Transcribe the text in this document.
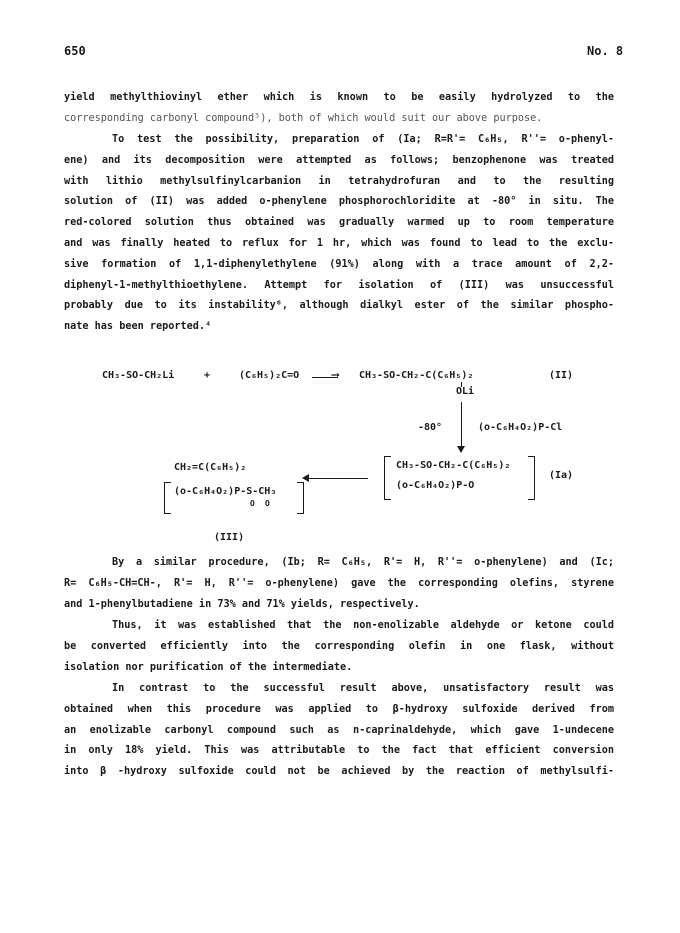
650	No. 8
yield methylthiovinyl ether which is known to be easily hydrolyzed to the
corresponding carbonyl compound⁵), both of which would suit our above purpose.
To test the possibility, preparation of (Ia; R=R'= C₆H₅, R''= o-phenyl-
ene) and its decomposition were attempted as follows; benzophenone was treated
with lithio methylsulfinylcarbanion in tetrahydrofuran and to the resulting
solution of (II) was added o-phenylene phosphorochloridite at -80° in situ. The
red-colored solution thus obtained was gradually warmed up to room temperature
and was finally heated to reflux for 1 hr, which was found to lead to the exclu-
sive formation of 1,1-diphenylethylene (91%) along with a trace amount of 2,2-
diphenyl-1-methylthioethylene. Attempt for isolation of (III) was unsuccessful
probably due to its instability⁶, although dialkyl ester of the similar phospho-
nate has been reported.⁴
CH₃-SO-CH₂Li	+	(C₆H₅)₂C=O	⟶ CH₃-SO-CH₂-C(C₆H₅)₂
OLi
(II)
-80°	(o-C₆H₄O₂)P-Cl
CH₃-SO-CH₂-C(C₆H₅)₂
(o-C₆H₄O₂)P-O
(Ia)
CH₂=C(C₆H₅)₂
(o-C₆H₄O₂)P-S-CH₃
O O
(III)
By a similar procedure, (Ib; R= C₆H₅, R'= H, R''= o-phenylene) and (Ic;
R= C₆H₅-CH=CH-, R'= H, R''= o-phenylene) gave the corresponding olefins, styrene
and 1-phenylbutadiene in 73% and 71% yields, respectively.
Thus, it was established that the non-enolizable aldehyde or ketone could
be converted efficiently into the corresponding olefin in one flask, without
isolation nor purification of the intermediate.
In contrast to the successful result above, unsatisfactory result was
obtained when this procedure was applied to β-hydroxy sulfoxide derived from
an enolizable carbonyl compound such as n-caprinaldehyde, which gave 1-undecene
in only 18% yield. This was attributable to the fact that efficient conversion
into β -hydroxy sulfoxide could not be achieved by the reaction of methylsulfi-
